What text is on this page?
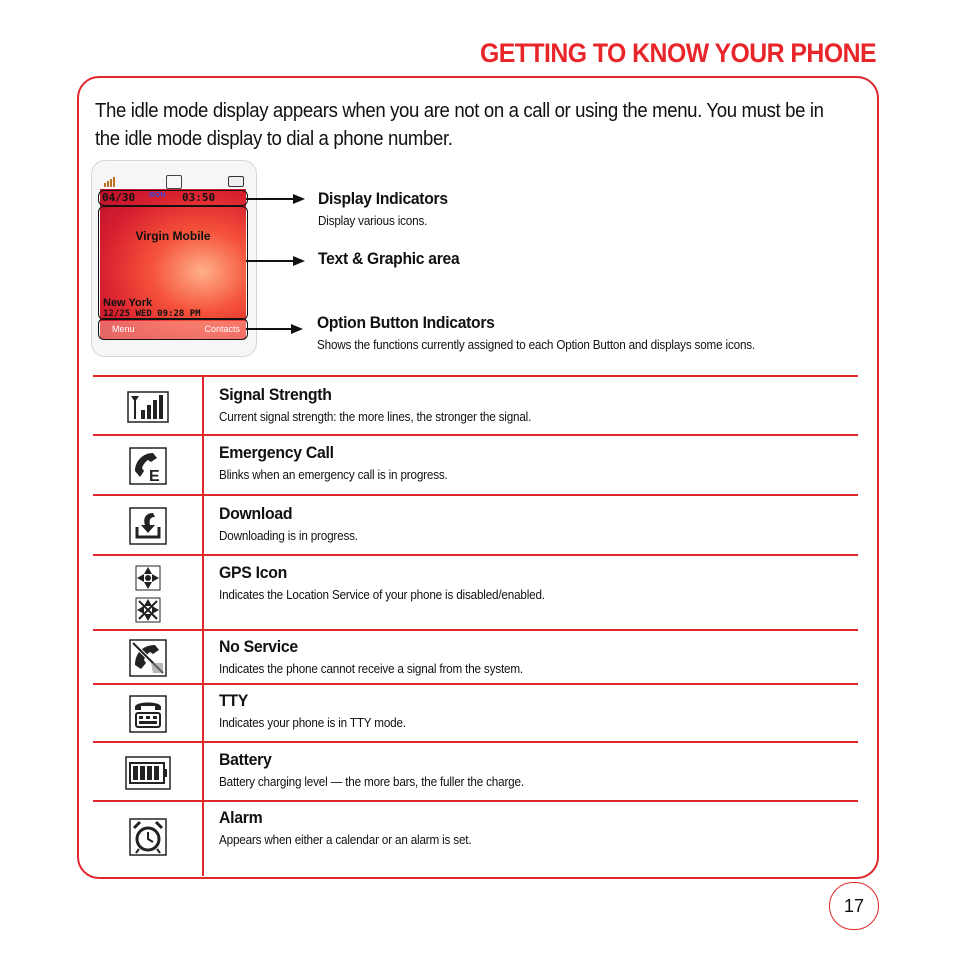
GETTING TO KNOW YOUR PHONE
The idle mode display appears when you are not on a call or using the menu. You must be in the idle mode display to dial a phone number.
04/30 MON 03:50
Virgin Mobile
New York
12/25 WED 09:28 PM
Menu	Contacts
Display Indicators
Display various icons.
Text & Graphic area
Option Button Indicators
Shows the functions currently assigned to each Option Button and displays some icons.
Signal Strength
Current signal strength: the more lines, the stronger the signal.
E
Emergency Call
Blinks when an emergency call is in progress.
Download
Downloading is in progress.
GPS Icon
Indicates the Location Service of your phone is disabled/enabled.
No Service
Indicates the phone cannot receive a signal from the system.
TTY
Indicates your phone is in TTY mode.
Battery
Battery charging level — the more bars, the fuller the charge.
Alarm
Appears when either a calendar or an alarm is set.
17
